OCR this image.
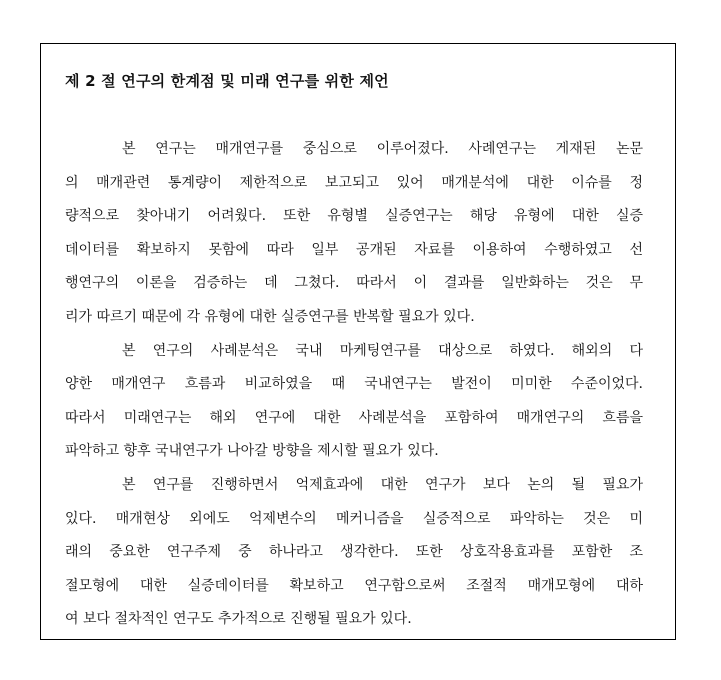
제 2 절 연구의 한계점 및 미래 연구를 위한 제언
본 연구는 매개연구를 중심으로 이루어졌다. 사례연구는 게재된 논문
의 매개관련 통계량이 제한적으로 보고되고 있어 매개분석에 대한 이슈를 정
량적으로 찾아내기 어려웠다. 또한 유형별 실증연구는 해당 유형에 대한 실증
데이터를 확보하지 못함에 따라 일부 공개된 자료를 이용하여 수행하였고 선
행연구의 이론을 검증하는 데 그쳤다. 따라서 이 결과를 일반화하는 것은 무
리가 따르기 때문에 각 유형에 대한 실증연구를 반복할 필요가 있다.
본 연구의 사례분석은 국내 마케팅연구를 대상으로 하였다. 해외의 다
양한 매개연구 흐름과 비교하였을 때 국내연구는 발전이 미미한 수준이었다.
따라서 미래연구는 해외 연구에 대한 사례분석을 포함하여 매개연구의 흐름을
파악하고 향후 국내연구가 나아갈 방향을 제시할 필요가 있다.
본 연구를 진행하면서 억제효과에 대한 연구가 보다 논의 될 필요가
있다. 매개현상 외에도 억제변수의 메커니즘을 실증적으로 파악하는 것은 미
래의 중요한 연구주제 중 하나라고 생각한다. 또한 상호작용효과를 포함한 조
절모형에 대한 실증데이터를 확보하고 연구함으로써 조절적 매개모형에 대하
여 보다 절차적인 연구도 추가적으로 진행될 필요가 있다.
